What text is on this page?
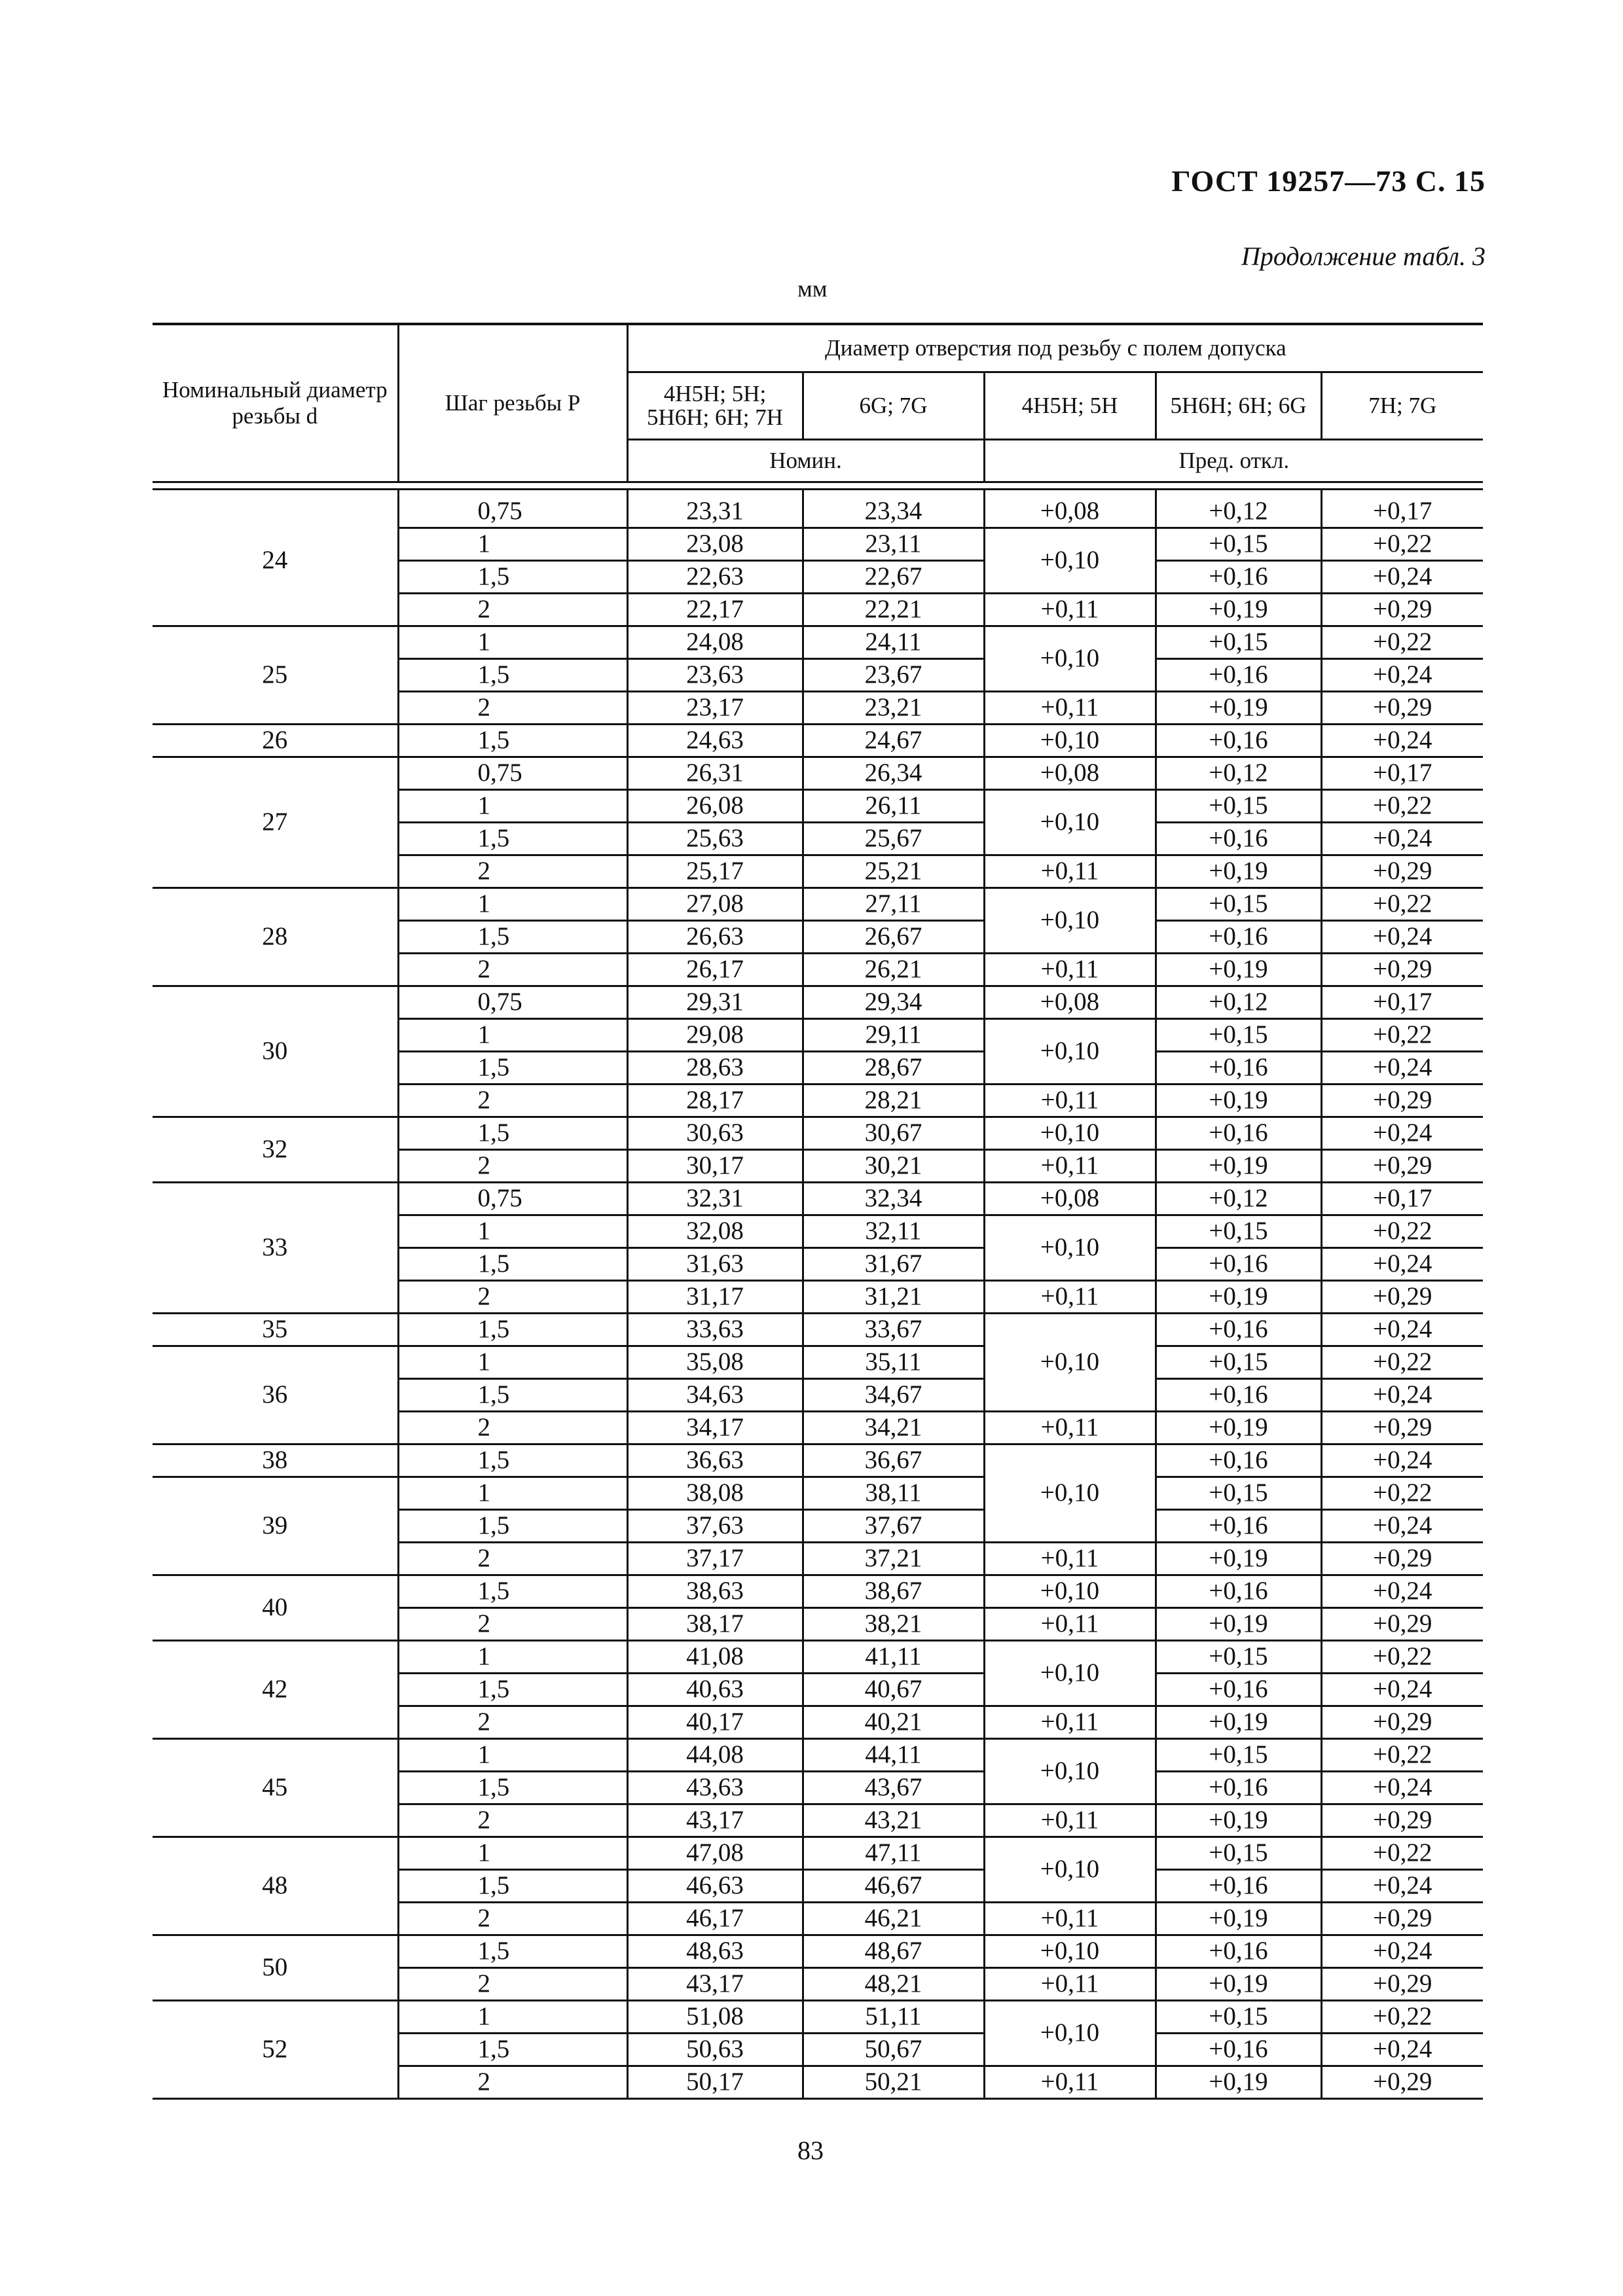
ГОСТ 19257—73 С. 15
Продолжение табл. 3
мм
Номинальный диаметр резьбы d	Шаг резьбы P	Диаметр отверстия под резьбу с полем допуска				
		4H5H; 5H; 5H6H; 6H; 7H	6G; 7G	4H5H; 5H	5H6H; 6H; 6G	7H; 7G
		Номин.		Пред. откл.		

24	0,75	23,31	23,34	+0,08	+0,12	+0,17
	1	23,08	23,11	+0,10	+0,15	+0,22
	1,5	22,63	22,67		+0,16	+0,24
	2	22,17	22,21	+0,11	+0,19	+0,29
25	1	24,08	24,11	+0,10	+0,15	+0,22
	1,5	23,63	23,67		+0,16	+0,24
	2	23,17	23,21	+0,11	+0,19	+0,29
26	1,5	24,63	24,67	+0,10	+0,16	+0,24
27	0,75	26,31	26,34	+0,08	+0,12	+0,17
	1	26,08	26,11	+0,10	+0,15	+0,22
	1,5	25,63	25,67		+0,16	+0,24
	2	25,17	25,21	+0,11	+0,19	+0,29
28	1	27,08	27,11	+0,10	+0,15	+0,22
	1,5	26,63	26,67		+0,16	+0,24
	2	26,17	26,21	+0,11	+0,19	+0,29
30	0,75	29,31	29,34	+0,08	+0,12	+0,17
	1	29,08	29,11	+0,10	+0,15	+0,22
	1,5	28,63	28,67		+0,16	+0,24
	2	28,17	28,21	+0,11	+0,19	+0,29
32	1,5	30,63	30,67	+0,10	+0,16	+0,24
	2	30,17	30,21	+0,11	+0,19	+0,29
33	0,75	32,31	32,34	+0,08	+0,12	+0,17
	1	32,08	32,11	+0,10	+0,15	+0,22
	1,5	31,63	31,67		+0,16	+0,24
	2	31,17	31,21	+0,11	+0,19	+0,29
35	1,5	33,63	33,67	+0,10	+0,16	+0,24
36	1	35,08	35,11		+0,15	+0,22
	1,5	34,63	34,67		+0,16	+0,24
	2	34,17	34,21	+0,11	+0,19	+0,29
38	1,5	36,63	36,67	+0,10	+0,16	+0,24
39	1	38,08	38,11		+0,15	+0,22
	1,5	37,63	37,67		+0,16	+0,24
	2	37,17	37,21	+0,11	+0,19	+0,29
40	1,5	38,63	38,67	+0,10	+0,16	+0,24
	2	38,17	38,21	+0,11	+0,19	+0,29
42	1	41,08	41,11	+0,10	+0,15	+0,22
	1,5	40,63	40,67		+0,16	+0,24
	2	40,17	40,21	+0,11	+0,19	+0,29
45	1	44,08	44,11	+0,10	+0,15	+0,22
	1,5	43,63	43,67		+0,16	+0,24
	2	43,17	43,21	+0,11	+0,19	+0,29
48	1	47,08	47,11	+0,10	+0,15	+0,22
	1,5	46,63	46,67		+0,16	+0,24
	2	46,17	46,21	+0,11	+0,19	+0,29
50	1,5	48,63	48,67	+0,10	+0,16	+0,24
	2	43,17	48,21	+0,11	+0,19	+0,29
52	1	51,08	51,11	+0,10	+0,15	+0,22
	1,5	50,63	50,67		+0,16	+0,24
	2	50,17	50,21	+0,11	+0,19	+0,29
83
